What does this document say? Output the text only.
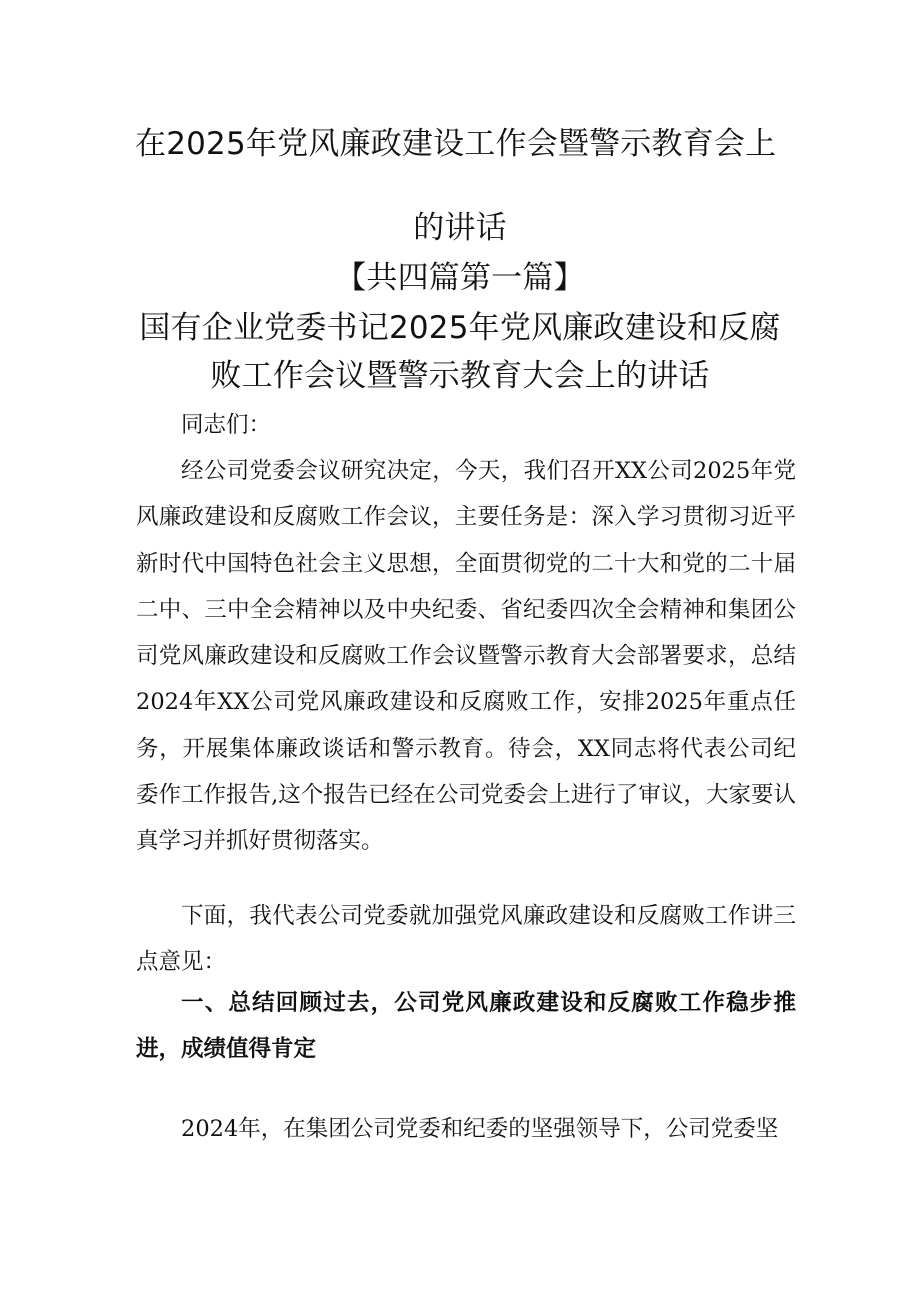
在2025年党风廉政建设工作会暨警示教育会上
的讲话
【共四篇第一篇】
国有企业党委书记2025年党风廉政建设和反腐
败工作会议暨警示教育大会上的讲话
同志们：
经公司党委会议研究决定，今天，我们召开XX公司2025年党风廉政建设和反腐败工作会议，主要任务是：深入学习贯彻习近平新时代中国特色社会主义思想，全面贯彻党的二十大和党的二十届二中、三中全会精神以及中央纪委、省纪委四次全会精神和集团公司党风廉政建设和反腐败工作会议暨警示教育大会部署要求，总结2024年XX公司党风廉政建设和反腐败工作，安排2025年重点任务，开展集体廉政谈话和警示教育。待会，XX同志将代表公司纪委作工作报告,这个报告已经在公司党委会上进行了审议，大家要认真学习并抓好贯彻落实。
下面，我代表公司党委就加强党风廉政建设和反腐败工作讲三点意见：
一、总结回顾过去，公司党风廉政建设和反腐败工作稳步推进，成绩值得肯定
2024年，在集团公司党委和纪委的坚强领导下，公司党委坚
